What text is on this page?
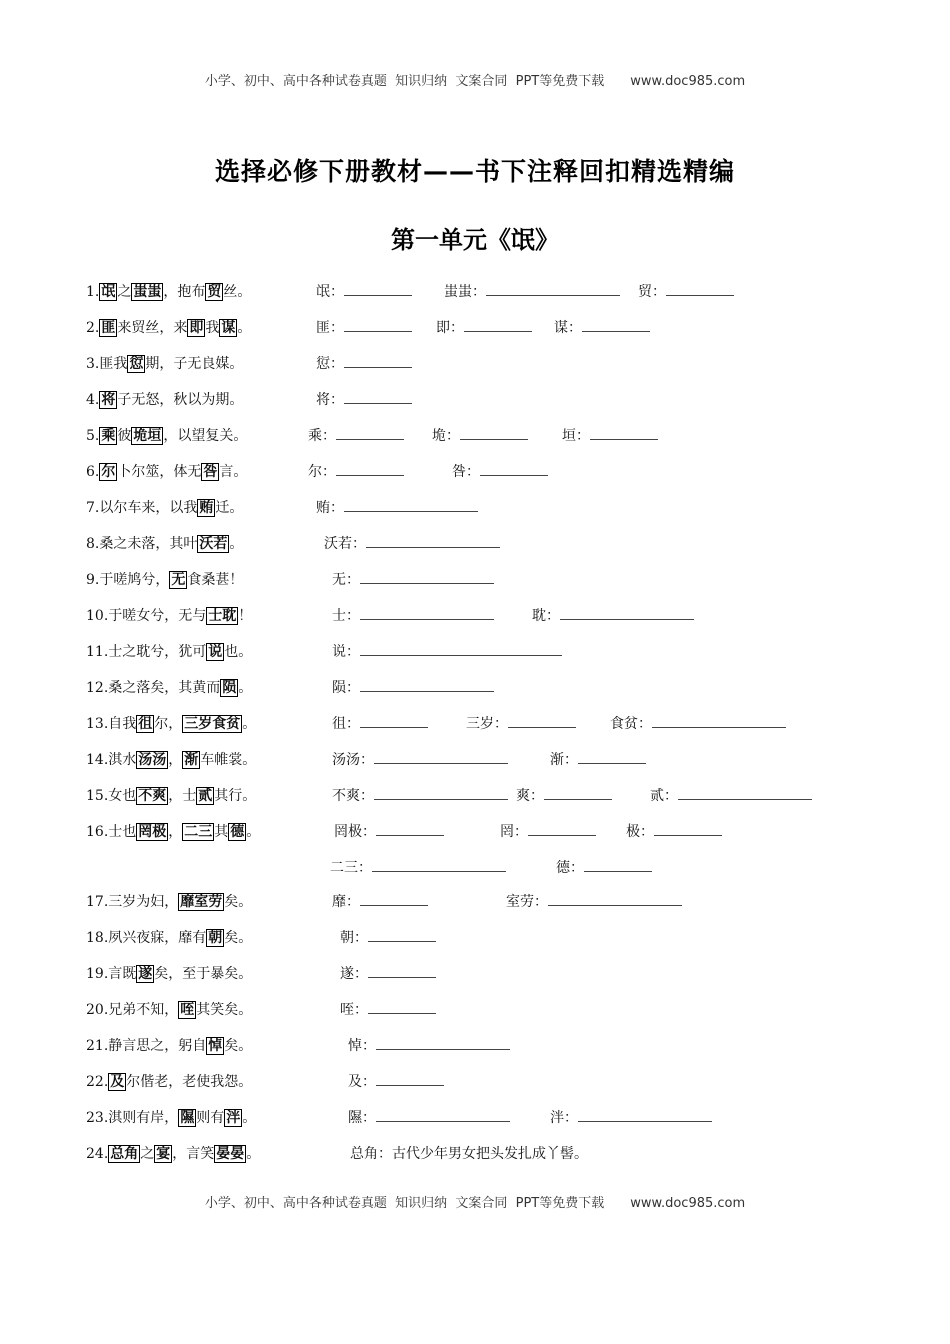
小学、初中、高中各种试卷真题  知识归纳  文案合同  PPT等免费下载 www.doc985.com
选择必修下册教材——书下注释回扣精选精编
第一单元《氓》
1. 氓 之 蚩蚩 ，抱布 贸 丝。	氓：	蚩蚩：	贸：
2. 匪 来贸丝，来 即 我 谋 。	匪：	即：	谋：
3.匪我 愆 期，子无良媒。	愆：
4. 将 子无怒，秋以为期。	将：
5. 乘 彼 垝垣 ，以望复关。	乘：	垝：	垣：
6. 尔 卜尔筮，体无 咎 言。	尔：	咎：
7.以尔车来，以我 贿 迁。	贿：
8.桑之未落，其叶 沃若 。	沃若：
9.于嗟鸠兮， 无 食桑葚！	无：
10.于嗟女兮，无与 士耽 ！	士：	耽：
11.士之耽兮，犹可 说 也。	说：
12.桑之落矣，其黄而 陨 。	陨：
13.自我 徂 尔， 三岁食贫 。	徂：	三岁：	食贫：
14.淇水 汤汤 ， 渐 车帷裳。	汤汤：	渐：
15.女也 不爽 ，士 贰 其行。	不爽：	爽：	贰：
16.士也 罔极 ， 二三 其 德 。	罔极：	罔：	极：
二三：	德：
17.三岁为妇， 靡室劳 矣。	靡：	室劳：
18.夙兴夜寐，靡有 朝 矣。	朝：
19.言既 遂 矣，至于暴矣。	遂：
20.兄弟不知， 咥 其笑矣。	咥：
21.静言思之，躬自 悼 矣。	悼：
22. 及 尔偕老，老使我怨。	及：
23.淇则有岸， 隰 则有 泮 。	隰：	泮：
24. 总角 之 宴 ，言笑 晏晏 。	总角：古代少年男女把头发扎成丫髻。
小学、初中、高中各种试卷真题  知识归纳  文案合同  PPT等免费下载 www.doc985.com
